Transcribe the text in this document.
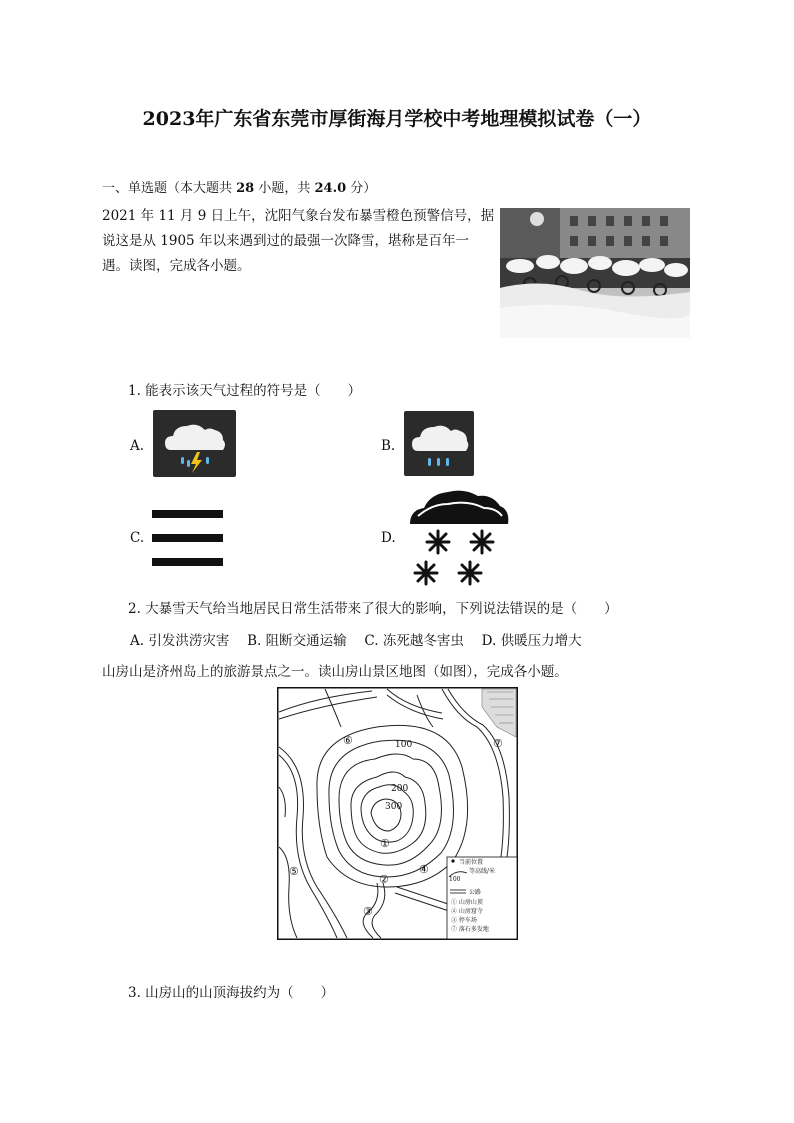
2023年广东省东莞市厚街海月学校中考地理模拟试卷（一）
一、单选题（本大题共 28 小题，共 24.0 分）
2021 年 11 月 9 日上午，沈阳气象台发布暴雪橙色预警信号，据
说这是从 1905 年以来遇到过的最强一次降雪，堪称是百年一
遇。读图，完成各小题。
1. 能表示该天气过程的符号是（　　）
A.	B.
C.	D.
2. 大暴雪天气给当地居民日常生活带来了很大的影响，下列说法错误的是（　　）
A. 引发洪涝灾害　 B. 阻断交通运输　 C. 冻死越冬害虫　 D. 供暖压力增大
山房山是济州岛上的旅游景点之一。读山房山景区地图（如图），完成各小题。
100
200
300
①
②
③
④
⑤
⑥	⑦
当前位置
100
等高线/米
公路
① 山房山顶
② 山房窟寺
③ 停车场
⑦ 落石多发地
3. 山房山的山顶海拔约为（　　）
